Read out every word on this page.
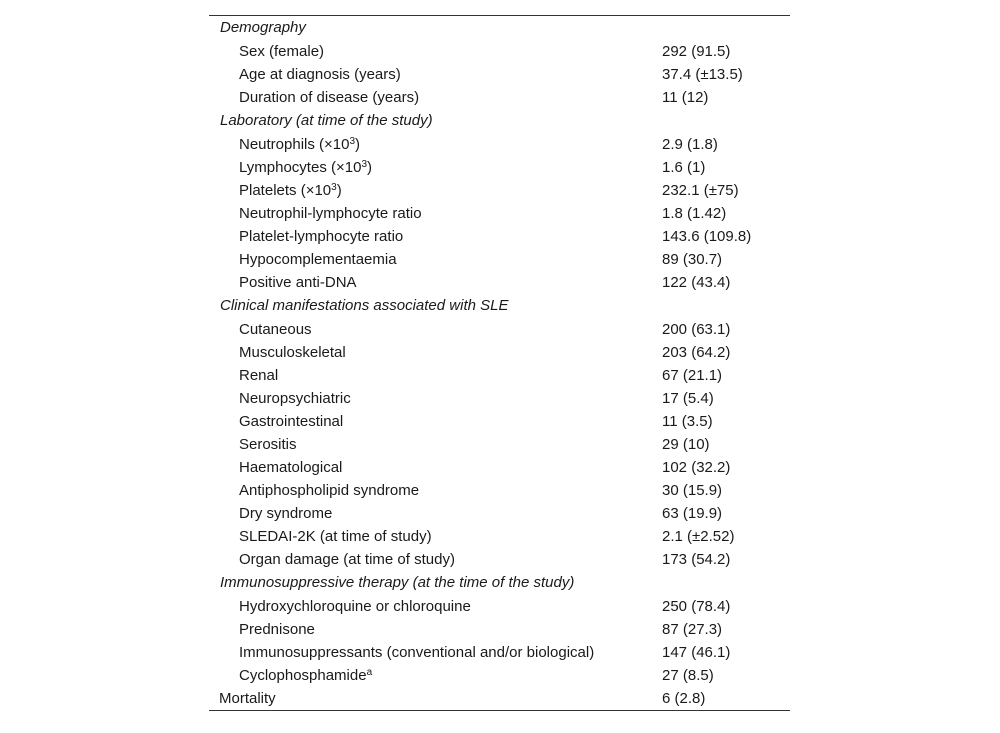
Demography
Sex (female)	292 (91.5)
Age at diagnosis (years)	37.4 (±13.5)
Duration of disease (years)	11 (12)
Laboratory (at time of the study)
Neutrophils $(\times 10^3)$	2.9 (1.8)
Lymphocytes $(\times 10^3)$	1.6 (1)
Platelets $(\times 10^3)$	232.1 (±75)
Neutrophil-lymphocyte ratio	1.8 (1.42)
Platelet-lymphocyte ratio	143.6 (109.8)
Hypocomplementaemia	89 (30.7)
Positive anti-DNA	122 (43.4)
Clinical manifestations associated with SLE
Cutaneous	200 (63.1)
Musculoskeletal	203 (64.2)
Renal	67 (21.1)
Neuropsychiatric	17 (5.4)
Gastrointestinal	11 (3.5)
Serositis	29 (10)
Haematological	102 (32.2)
Antiphospholipid syndrome	30 (15.9)
Dry syndrome	63 (19.9)
SLEDAI-2K (at time of study)	2.1 (±2.52)
Organ damage (at time of study)	173 (54.2)
Immunosuppressive therapy (at the time of the study)
Hydroxychloroquine or chloroquine	250 (78.4)
Prednisone	87 (27.3)
Immunosuppressants (conventional and/or biological)	147 (46.1)
Cyclophosphamide$^a$	27 (8.5)
Mortality	6 (2.8)
